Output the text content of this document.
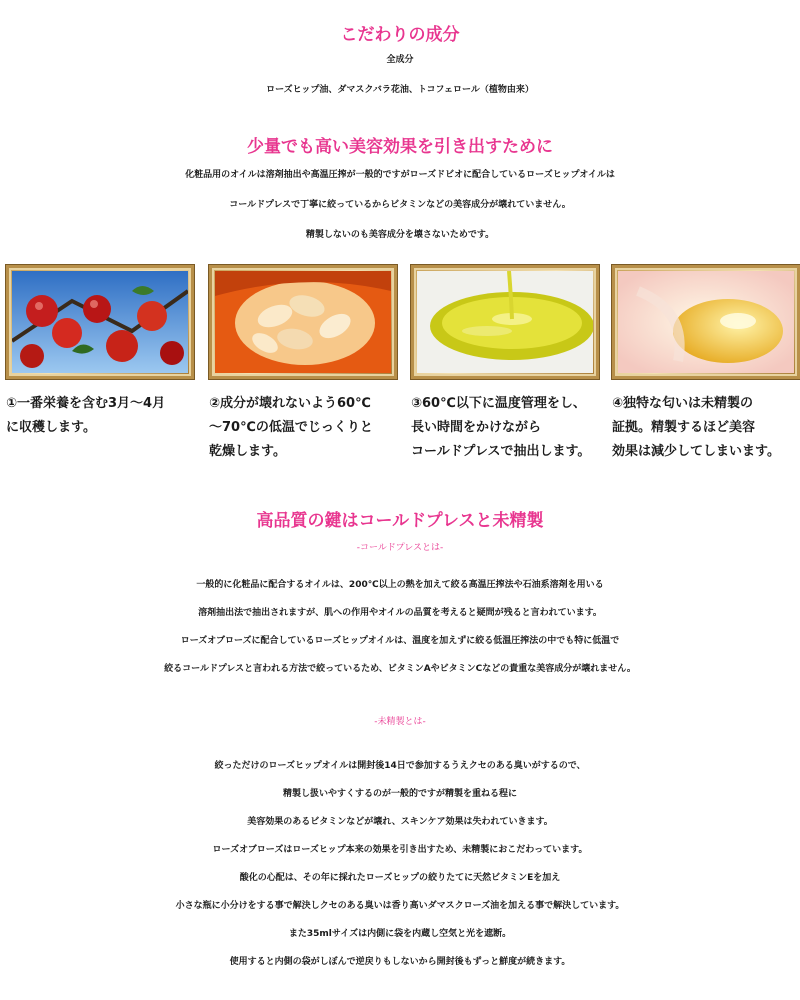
こだわりの成分
全成分
ローズヒップ油、ダマスクバラ花油、トコフェロール（植物由来）
少量でも高い美容効果を引き出すために
化粧品用のオイルは溶剤抽出や高温圧搾が一般的ですがローズドビオに配合しているローズヒップオイルは
コールドプレスで丁寧に絞っているからビタミンなどの美容成分が壊れていません。
精製しないのも美容成分を壊さないためです。
①一番栄養を含む3月〜4月
に収穫します。
②成分が壊れないよう60℃
〜70℃の低温でじっくりと
乾燥します。
③60℃以下に温度管理をし、
長い時間をかけながら
コールドプレスで抽出します。
④独特な匂いは未精製の
証拠。精製するほど美容
効果は減少してしまいます。
高品質の鍵はコールドプレスと未精製
-コールドプレスとは-
一般的に化粧品に配合するオイルは、200℃以上の熱を加えて絞る高温圧搾法や石油系溶剤を用いる
溶剤抽出法で抽出されますが、肌への作用やオイルの品質を考えると疑問が残ると言われています。
ローズオブローズに配合しているローズヒップオイルは、温度を加えずに絞る低温圧搾法の中でも特に低温で
絞るコールドプレスと言われる方法で絞っているため、ビタミンAやビタミンCなどの貴重な美容成分が壊れません。
-未精製とは-
絞っただけのローズヒップオイルは開封後14日で参加するうえクセのある臭いがするので、
精製し扱いやすくするのが一般的ですが精製を重ねる程に
美容効果のあるビタミンなどが壊れ、スキンケア効果は失われていきます。
ローズオブローズはローズヒップ本来の効果を引き出すため、未精製におこだわっています。
酸化の心配は、その年に採れたローズヒップの絞りたてに天然ビタミンEを加え
小さな瓶に小分けをする事で解決しクセのある臭いは香り高いダマスクローズ油を加える事で解決しています。
また35mlサイズは内側に袋を内蔵し空気と光を遮断。
使用すると内側の袋がしぼんで逆戻りもしないから開封後もずっと鮮度が続きます。
